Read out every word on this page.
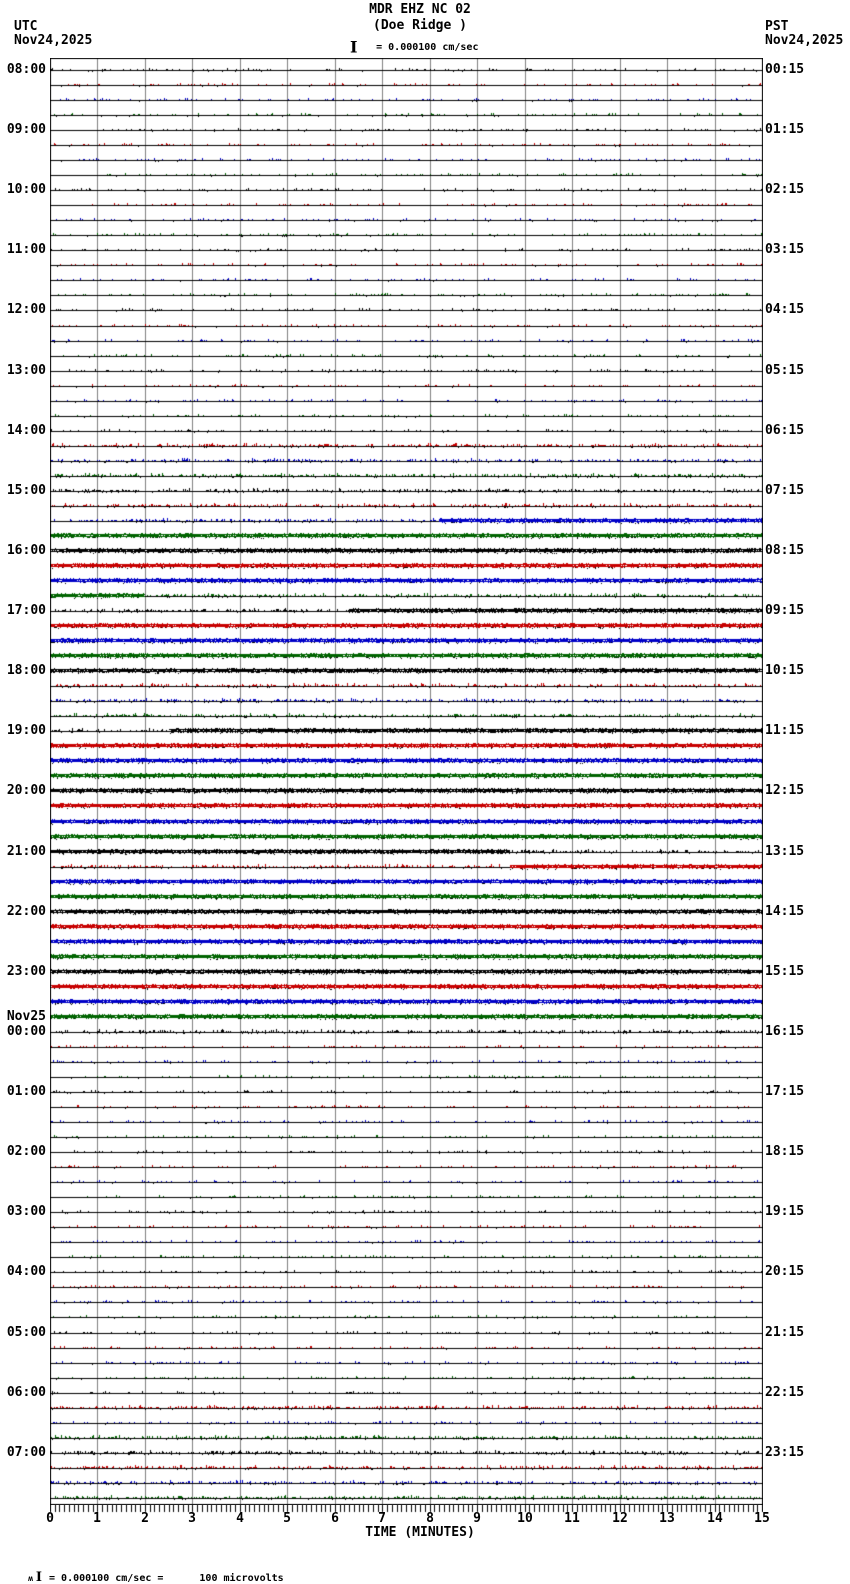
MDR EHZ NC 02
(Doe Ridge )
UTC
Nov24,2025
PST
Nov24,2025
I = 0.000100 cm/sec
08:00
09:00
10:00
11:00
12:00
13:00
14:00
15:00
16:00
17:00
18:00
19:00
20:00
21:00
22:00
23:00
00:00
Nov25
01:00
02:00
03:00
04:00
05:00
06:00
07:00
00:15
01:15
02:15
03:15
04:15
05:15
06:15
07:15
08:15
09:15
10:15
11:15
12:15
13:15
14:15
15:15
16:15
17:15
18:15
19:15
20:15
21:15
22:15
23:15
0	1	2	3	4	5	6	7	8	9	10 11 12 13 14 15
TIME (MINUTES)

ʍ I = 0.000100 cm/sec =	100 microvolts
